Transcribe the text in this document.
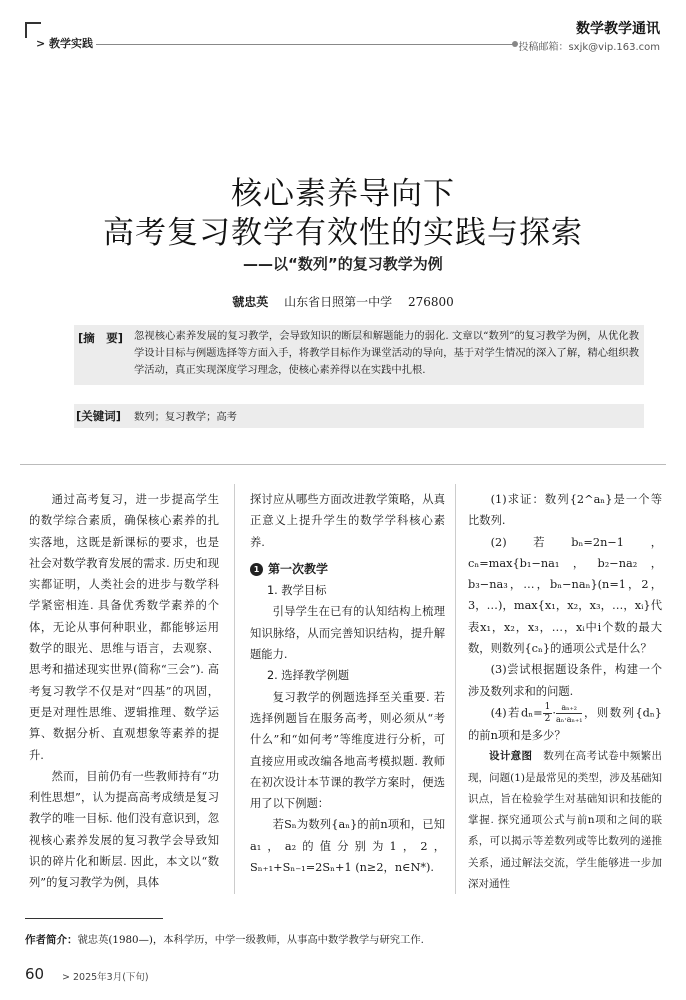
> 教学实践
数学教学通讯
投稿邮箱：sxjk@vip.163.com
核心素养导向下
高考复习教学有效性的实践与探索
——以“数列”的复习教学为例
虢忠英 山东省日照第一中学 276800
[摘　要] 忽视核心素养发展的复习教学，会导致知识的断层和解题能力的弱化. 文章以“数列”的复习教学为例，从优化教学设计目标与例题选择等方面入手，将教学目标作为课堂活动的导向，基于对学生情况的深入了解，精心组织教学活动，真正实现深度学习理念，使核心素养得以在实践中扎根.
[关键词] 数列；复习教学；高考

通过高考复习，进一步提高学生的数学综合素质，确保核心素养的扎实落地，这既是新课标的要求，也是社会对数学教育发展的需求. 历史和现实都证明，人类社会的进步与数学科学紧密相连. 具备优秀数学素养的个体，无论从事何种职业，都能够运用数学的眼光、思维与语言，去观察、思考和描述现实世界(简称“三会”). 高考复习教学不仅是对“四基”的巩固，更是对理性思维、逻辑推理、数学运算、数据分析、直观想象等素养的提升.

然而，目前仍有一些教师持有“功利性思想”，认为提高高考成绩是复习教学的唯一目标. 他们没有意识到，忽视核心素养发展的复习教学会导致知识的碎片化和断层. 因此，本文以“数列”的复习教学为例，具体

探讨应从哪些方面改进教学策略，从真正意义上提升学生的数学学科核心素养.

1 第一次教学

1. 教学目标

引导学生在已有的认知结构上梳理知识脉络，从而完善知识结构，提升解题能力.

2. 选择教学例题

复习教学的例题选择至关重要. 若选择例题旨在服务高考，则必须从“考什么”和“如何考”等维度进行分析，可直接应用或改编各地高考模拟题. 教师在初次设计本节课的教学方案时，便选用了以下例题：

若Sₙ为数列{aₙ}的前n项和，已知a₁，a₂的值分别为1，2，Sₙ₊₁+Sₙ₋₁=2Sₙ+1 (n≥2，n∈N*).

(1)求证：数列{2^aₙ}是一个等比数列.

(2)若bₙ=2n−1，cₙ=max{b₁−na₁，b₂−na₂，b₃−na₃，…，bₙ−naₙ}(n=1，2，3，…)，max{x₁，x₂，x₃，…，xᵢ}代表x₁，x₂，x₃，…，xᵢ中i个数的最大数，则数列{cₙ}的通项公式是什么？

(3)尝试根据题设条件，构建一个涉及数列求和的问题.

(4)若$d_n= \frac{1}{2} \cdot \frac{\text{aₙ₊₂}}{\text{aₙ·aₙ₊₁}}$ ，则数列{dₙ}的前n项和是多少？

设计意图　 数列在高考试卷中频繁出现，问题(1)是最常见的类型，涉及基础知识点，旨在检验学生对基础知识和技能的掌握. 探究通项公式与前n项和之间的联系，可以揭示等差数列或等比数列的递推关系，通过解法交流，学生能够进一步加深对通性

作者简介：虢忠英(1980—)，本科学历，中学一级教师，从事高中数学教学与研究工作.
60 > 2025年3月(下旬)
